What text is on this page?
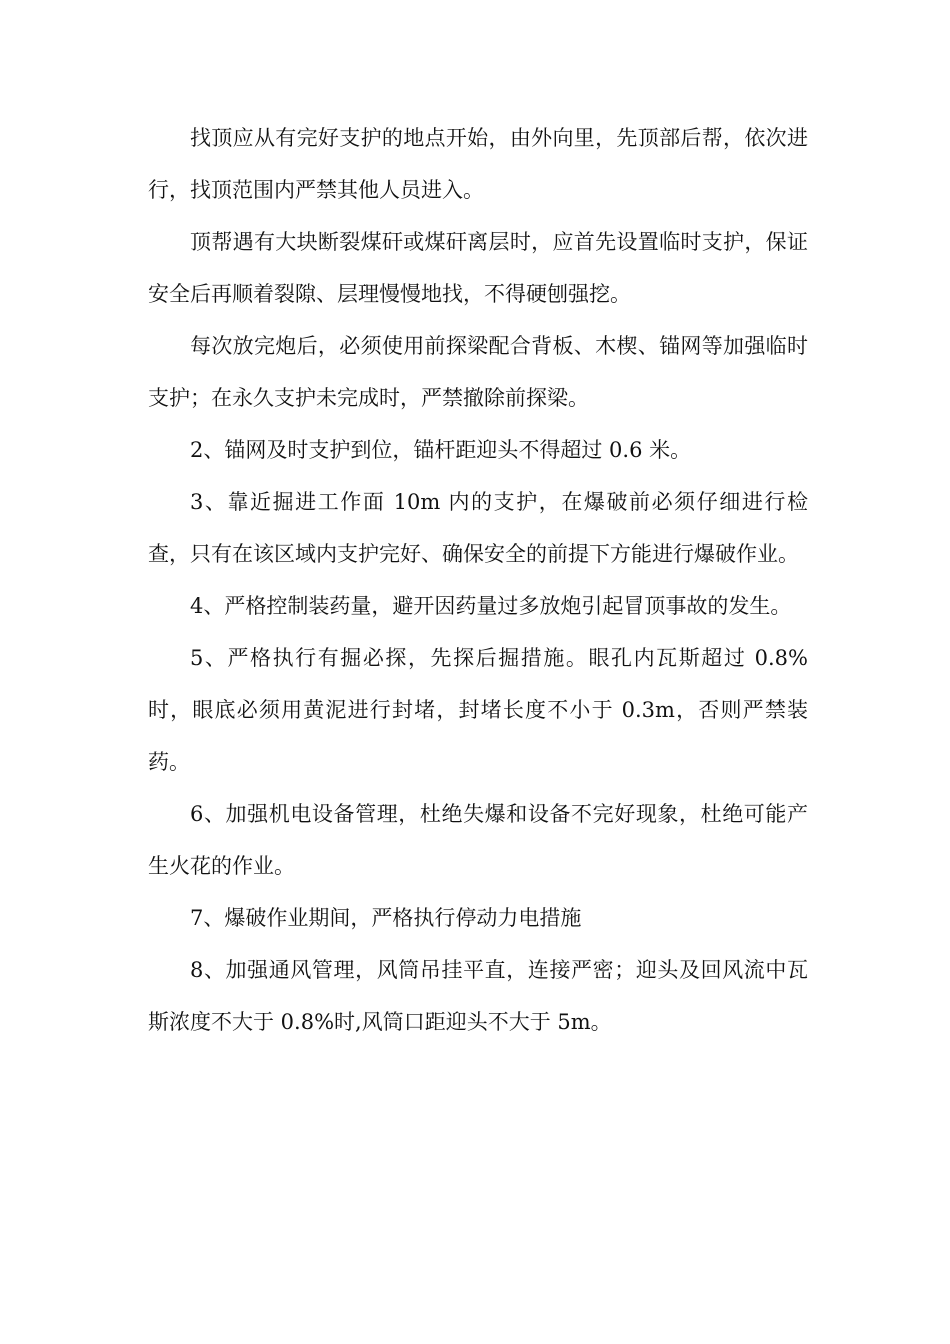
找顶应从有完好支护的地点开始，由外向里，先顶部后帮，依次进行，找顶范围内严禁其他人员进入。

顶帮遇有大块断裂煤矸或煤矸离层时，应首先设置临时支护，保证安全后再顺着裂隙、层理慢慢地找，不得硬刨强挖。

每次放完炮后，必须使用前探梁配合背板、木楔、锚网等加强临时支护；在永久支护未完成时，严禁撤除前探梁。

2、锚网及时支护到位，锚杆距迎头不得超过 0.6 米。

3、靠近掘进工作面 10m 内的支护，在爆破前必须仔细进行检查，只有在该区域内支护完好、确保安全的前提下方能进行爆破作业。

4、严格控制装药量，避开因药量过多放炮引起冒顶事故的发生。

5、严格执行有掘必探，先探后掘措施。眼孔内瓦斯超过 0.8%时，眼底必须用黄泥进行封堵，封堵长度不小于 0.3m，否则严禁装药。

6、加强机电设备管理，杜绝失爆和设备不完好现象，杜绝可能产生火花的作业。

7、爆破作业期间，严格执行停动力电措施

8、加强通风管理，风筒吊挂平直，连接严密；迎头及回风流中瓦斯浓度不大于 0.8%时,风筒口距迎头不大于 5m。
